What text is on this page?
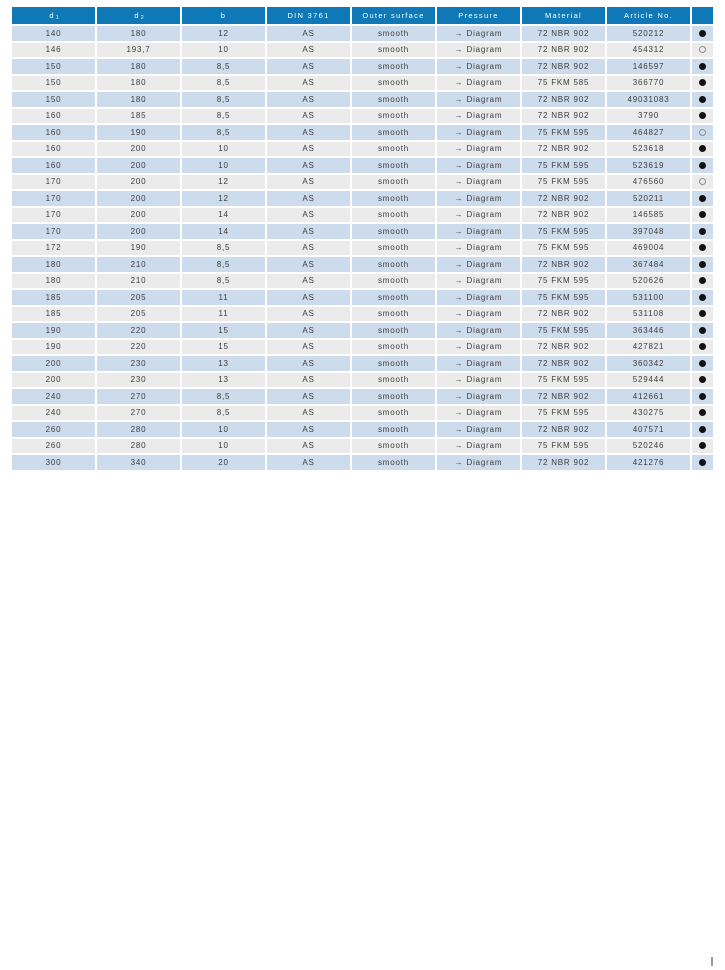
$d_1$	$d_2$	b	DIN 3761	Outer surface	Pressure	Material	Article No.
140	180	12	AS	smooth	→ Diagram	72 NBR 902	520212
146	193,7	10	AS	smooth	→ Diagram	72 NBR 902	454312
150	180	8,5	AS	smooth	→ Diagram	72 NBR 902	146597
150	180	8,5	AS	smooth	→ Diagram	75 FKM 585	366770
150	180	8,5	AS	smooth	→ Diagram	72 NBR 902	49031083
160	185	8,5	AS	smooth	→ Diagram	72 NBR 902	3790
160	190	8,5	AS	smooth	→ Diagram	75 FKM 595	464827
160	200	10	AS	smooth	→ Diagram	72 NBR 902	523618
160	200	10	AS	smooth	→ Diagram	75 FKM 595	523619
170	200	12	AS	smooth	→ Diagram	75 FKM 595	476560
170	200	12	AS	smooth	→ Diagram	72 NBR 902	520211
170	200	14	AS	smooth	→ Diagram	72 NBR 902	146585
170	200	14	AS	smooth	→ Diagram	75 FKM 595	397048
172	190	8,5	AS	smooth	→ Diagram	75 FKM 595	469004
180	210	8,5	AS	smooth	→ Diagram	72 NBR 902	367484
180	210	8,5	AS	smooth	→ Diagram	75 FKM 595	520626
185	205	11	AS	smooth	→ Diagram	75 FKM 595	531100
185	205	11	AS	smooth	→ Diagram	72 NBR 902	531108
190	220	15	AS	smooth	→ Diagram	75 FKM 595	363446
190	220	15	AS	smooth	→ Diagram	72 NBR 902	427821
200	230	13	AS	smooth	→ Diagram	72 NBR 902	360342
200	230	13	AS	smooth	→ Diagram	75 FKM 595	529444
240	270	8,5	AS	smooth	→ Diagram	72 NBR 902	412661
240	270	8,5	AS	smooth	→ Diagram	75 FKM 595	430275
260	280	10	AS	smooth	→ Diagram	72 NBR 902	407571
260	280	10	AS	smooth	→ Diagram	75 FKM 595	520246
300	340	20	AS	smooth	→ Diagram	72 NBR 902	421276
